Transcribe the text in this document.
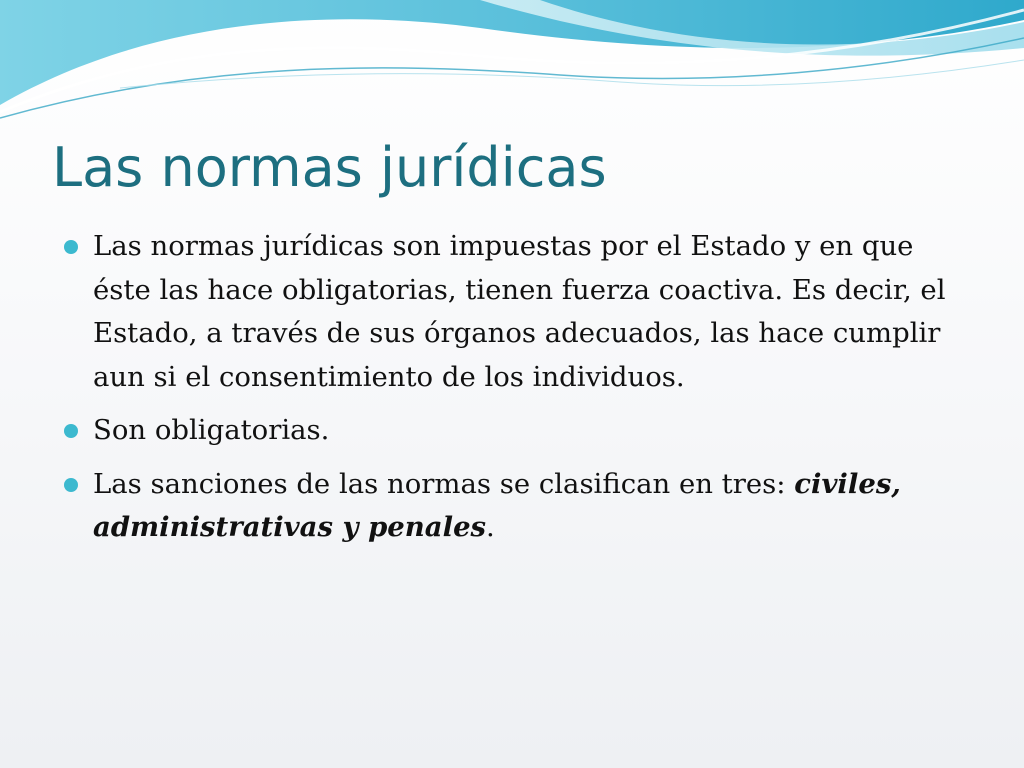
Las normas jurídicas
Las normas jurídicas son impuestas por el Estado y en que éste las hace obligatorias, tienen fuerza coactiva. Es decir, el Estado, a través de sus órganos adecuados, las hace cumplir aun si el consentimiento de los individuos.
Son obligatorias.
Las sanciones de las normas se clasifican en tres: civiles, administrativas y penales.
